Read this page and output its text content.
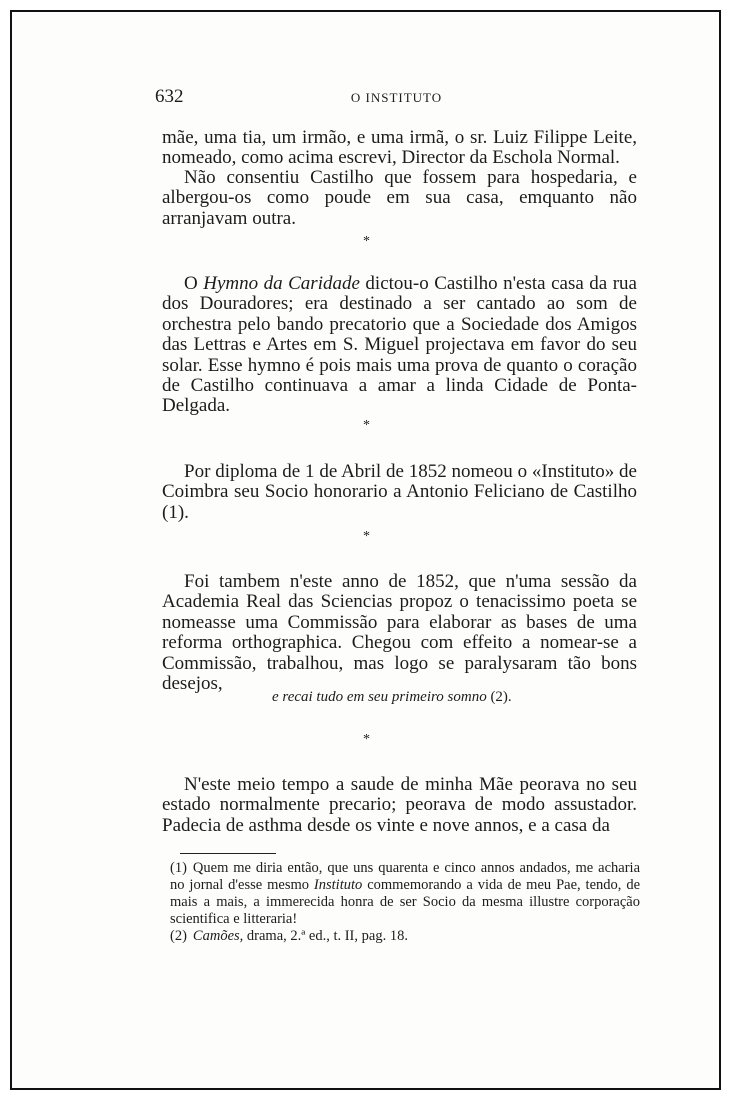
632	O INSTITUTO

mãe, uma tia, um irmão, e uma irmã, o sr. Luiz Filippe Leite, nomeado, como acima escrevi, Director da Eschola Normal.

Não consentiu Castilho que fossem para hospedaria, e albergou-os como poude em sua casa, emquanto não arranjavam outra.

*

O Hymno da Caridade dictou-o Castilho n'esta casa da rua dos Douradores; era destinado a ser cantado ao som de orchestra pelo bando precatorio que a Sociedade dos Amigos das Lettras e Artes em S. Miguel projectava em favor do seu solar. Esse hymno é pois mais uma prova de quanto o coração de Castilho continuava a amar a linda Cidade de Ponta-Delgada.

*

Por diploma de 1 de Abril de 1852 nomeou o «Instituto» de Coimbra seu Socio honorario a Antonio Feliciano de Castilho (1).

*

Foi tambem n'este anno de 1852, que n'uma sessão da Academia Real das Sciencias propoz o tenacissimo poeta se nomeasse uma Commissão para elaborar as bases de uma reforma orthographica. Chegou com effeito a nomear-se a Commissão, trabalhou, mas logo se paralysaram tão bons desejos,

e recai tudo em seu primeiro somno (2).
*

N'este meio tempo a saude de minha Mãe peorava no seu estado normalmente precario; peorava de modo assustador. Padecia de asthma desde os vinte e nove annos, e a casa da

(1) Quem me diria então, que uns quarenta e cinco annos andados, me acharia no jornal d'esse mesmo Instituto commemorando a vida de meu Pae, tendo, de mais a mais, a immerecida honra de ser Socio da mesma illustre corporação scientifica e litteraria!

(2) Camões, drama, 2.ª ed., t. II, pag. 18.
